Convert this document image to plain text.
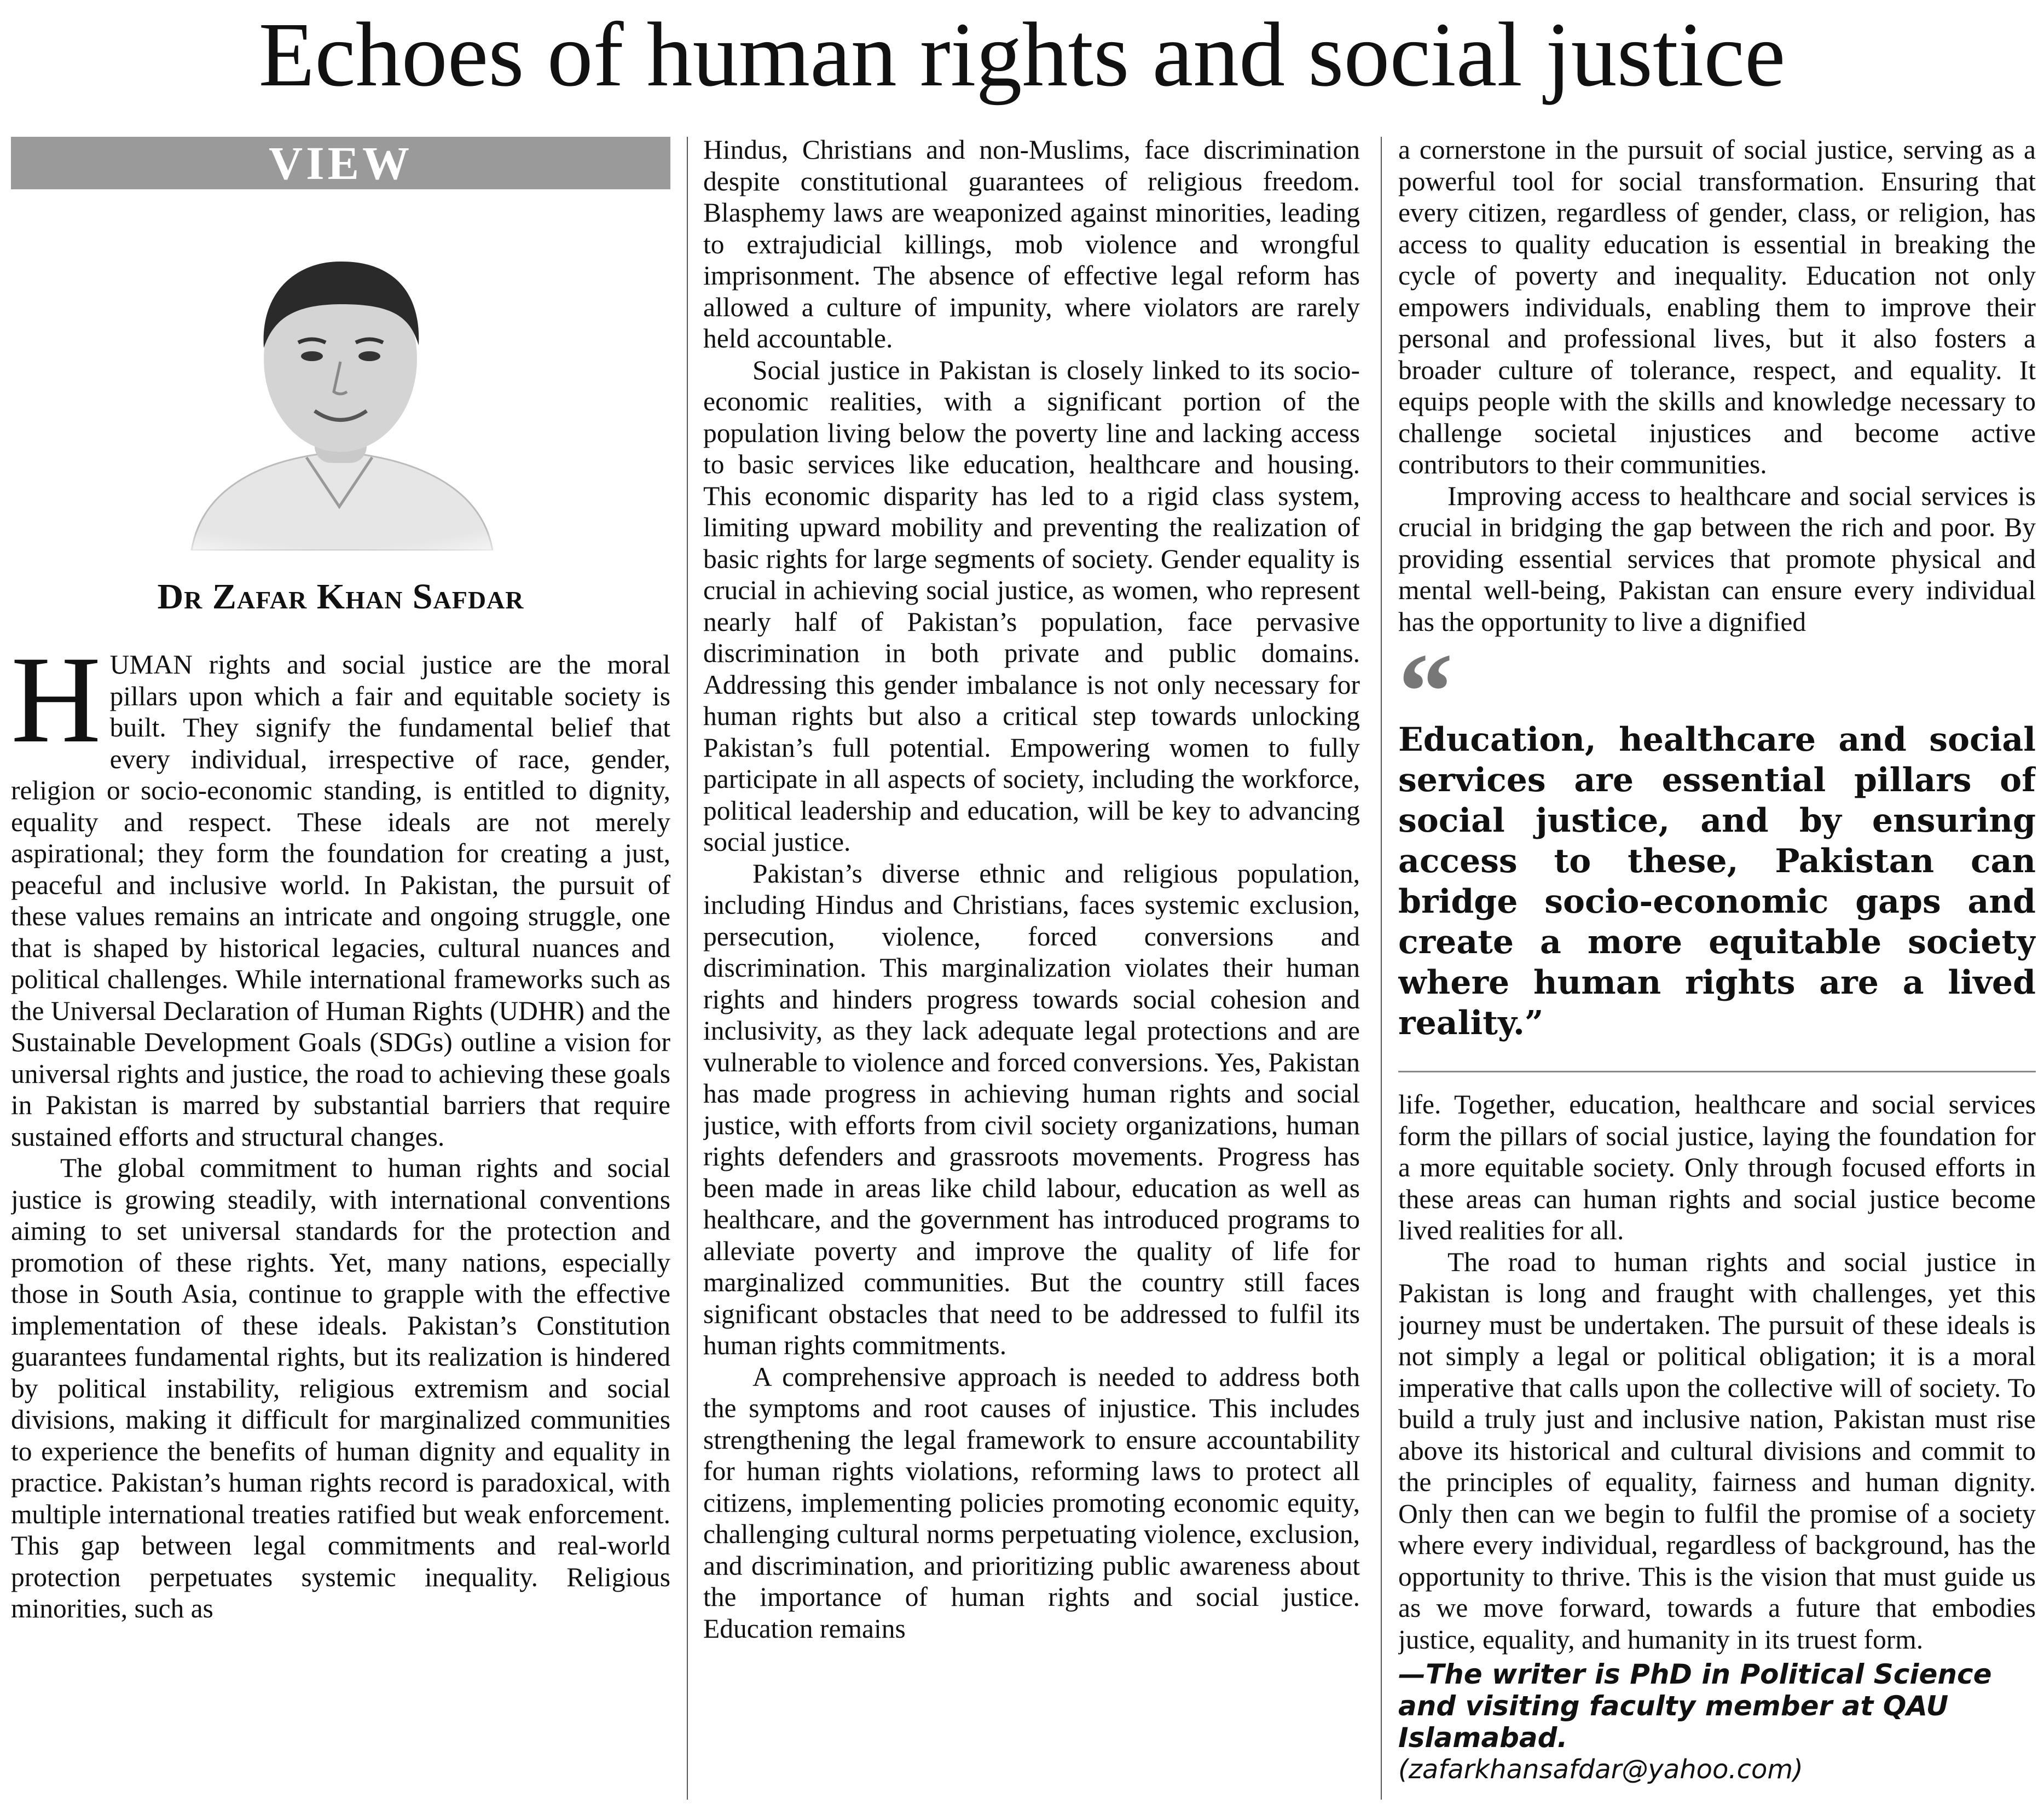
Echoes of human rights and social justice
VIEW
Dr Zafar Khan Safdar

HUMAN rights and social justice are the moral pillars upon which a fair and equitable society is built. They signify the fundamental belief that every individual, irrespective of race, gender, religion or socio-economic standing, is entitled to dignity, equality and respect. These ideals are not merely aspirational; they form the foundation for creating a just, peaceful and inclusive world. In Pakistan, the pursuit of these values remains an intricate and ongoing struggle, one that is shaped by historical legacies, cultural nuances and political challenges. While international frameworks such as the Universal Declaration of Human Rights (UDHR) and the Sustainable Development Goals (SDGs) outline a vision for universal rights and justice, the road to achieving these goals in Pakistan is marred by substantial barriers that require sustained efforts and structural changes.

The global commitment to human rights and social justice is growing steadily, with international conventions aiming to set universal standards for the protection and promotion of these rights. Yet, many nations, especially those in South Asia, continue to grapple with the effective implementation of these ideals. Pakistan’s Constitution guarantees fundamental rights, but its realization is hindered by political instability, religious extremism and social divisions, making it difficult for marginalized communities to experience the benefits of human dignity and equality in practice. Pakistan’s human rights record is paradoxical, with multiple international treaties ratified but weak enforcement. This gap between legal commitments and real-world protection perpetuates systemic inequality. Religious minorities, such as

Hindus, Christians and non-Muslims, face discrimination despite constitutional guarantees of religious freedom. Blasphemy laws are weaponized against minorities, leading to extrajudicial killings, mob violence and wrongful imprisonment. The absence of effective legal reform has allowed a culture of impunity, where violators are rarely held accountable.

Social justice in Pakistan is closely linked to its socio-economic realities, with a significant portion of the population living below the poverty line and lacking access to basic services like education, healthcare and housing. This economic disparity has led to a rigid class system, limiting upward mobility and preventing the realization of basic rights for large segments of society. Gender equality is crucial in achieving social justice, as women, who represent nearly half of Pakistan’s population, face pervasive discrimination in both private and public domains. Addressing this gender imbalance is not only necessary for human rights but also a critical step towards unlocking Pakistan’s full potential. Empowering women to fully participate in all aspects of society, including the workforce, political leadership and education, will be key to advancing social justice.

Pakistan’s diverse ethnic and religious population, including Hindus and Christians, faces systemic exclusion, persecution, violence, forced conversions and discrimination. This marginalization violates their human rights and hinders progress towards social cohesion and inclusivity, as they lack adequate legal protections and are vulnerable to violence and forced conversions. Yes, Pakistan has made progress in achieving human rights and social justice, with efforts from civil society organizations, human rights defenders and grassroots movements. Progress has been made in areas like child labour, education as well as healthcare, and the government has introduced programs to alleviate poverty and improve the quality of life for marginalized communities. But the country still faces significant obstacles that need to be addressed to fulfil its human rights commitments.

A comprehensive approach is needed to address both the symptoms and root causes of injustice. This includes strengthening the legal framework to ensure accountability for human rights violations, reforming laws to protect all citizens, implementing policies promoting economic equity, challenging cultural norms perpetuating violence, exclusion, and discrimination, and prioritizing public awareness about the importance of human rights and social justice. Education remains

a cornerstone in the pursuit of social justice, serving as a powerful tool for social transformation. Ensuring that every citizen, regardless of gender, class, or religion, has access to quality education is essential in breaking the cycle of poverty and inequality. Education not only empowers individuals, enabling them to improve their personal and professional lives, but it also fosters a broader culture of tolerance, respect, and equality. It equips people with the skills and knowledge necessary to challenge societal injustices and become active contributors to their communities.

Improving access to healthcare and social services is crucial in bridging the gap between the rich and poor. By providing essential services that promote physical and mental well-being, Pakistan can ensure every individual has the opportunity to live a dignified

“
Education, healthcare and social services are essential pillars of social justice, and by ensuring access to these, Pakistan can bridge socio-economic gaps and create a more equitable society where human rights are a lived reality.”

life. Together, education, healthcare and social services form the pillars of social justice, laying the foundation for a more equitable society. Only through focused efforts in these areas can human rights and social justice become lived realities for all.

The road to human rights and social justice in Pakistan is long and fraught with challenges, yet this journey must be undertaken. The pursuit of these ideals is not simply a legal or political obligation; it is a moral imperative that calls upon the collective will of society. To build a truly just and inclusive nation, Pakistan must rise above its historical and cultural divisions and commit to the principles of equality, fairness and human dignity. Only then can we begin to fulfil the promise of a society where every individual, regardless of background, has the opportunity to thrive. This is the vision that must guide us as we move forward, towards a future that embodies justice, equality, and humanity in its truest form.

—The writer is PhD in Political Science and visiting faculty member at QAU Islamabad.
(zafarkhansafdar@yahoo.com)
